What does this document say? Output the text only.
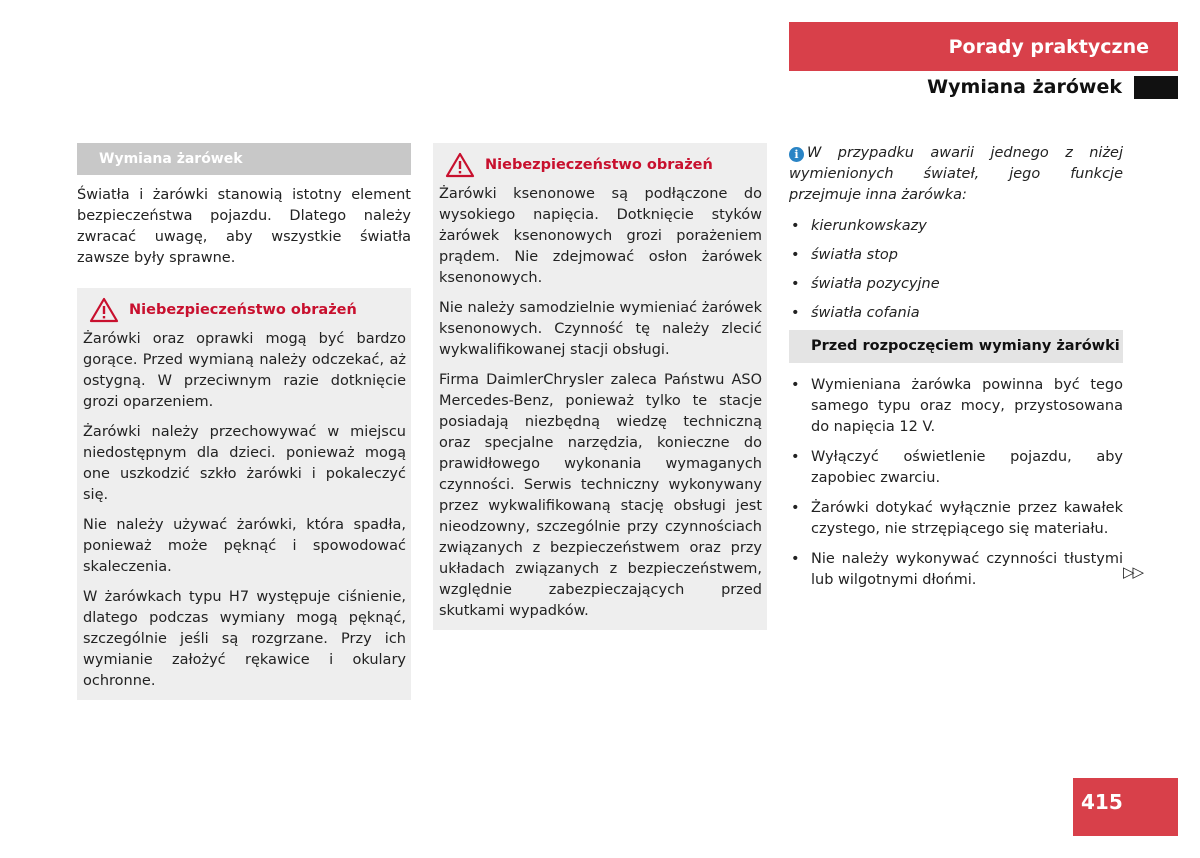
Porady praktyczne
Wymiana żarówek
Wymiana żarówek

Światła i żarówki stanowią istotny element bezpieczeństwa pojazdu. Dlatego należy zwracać uwagę, aby wszystkie światła zawsze były sprawne.

Niebezpieczeństwo obrażeń

Żarówki oraz oprawki mogą być bardzo gorące. Przed wymianą należy odczekać, aż ostygną. W przeciwnym razie dotknięcie grozi oparzeniem.

Żarówki należy przechowywać w miejscu niedostępnym dla dzieci. ponieważ mogą one uszkodzić szkło żarówki i pokaleczyć się.

Nie należy używać żarówki, która spadła, ponieważ może pęknąć i spowodować skaleczenia.

W żarówkach typu H7 występuje ciśnienie, dlatego podczas wymiany mogą pęknąć, szczególnie jeśli są rozgrzane. Przy ich wymianie założyć rękawice i okulary ochronne.

Niebezpieczeństwo obrażeń

Żarówki ksenonowe są podłączone do wysokiego napięcia. Dotknięcie styków żarówek ksenonowych grozi porażeniem prądem. Nie zdejmować osłon żarówek ksenonowych.

Nie należy samodzielnie wymieniać żarówek ksenonowych. Czynność tę należy zlecić wykwalifikowanej stacji obsługi.

Firma DaimlerChrysler zaleca Państwu ASO Mercedes-Benz, ponieważ tylko te stacje posiadają niezbędną wiedzę techniczną oraz specjalne narzędzia, konieczne do prawidłowego wykonania wymaganych czynności. Serwis techniczny wykonywany przez wykwalifikowaną stację obsługi jest nieodzowny, szczególnie przy czynnościach związanych z bezpieczeństwem oraz przy układach związanych z bezpieczeństwem, względnie zabezpieczających przed skutkami wypadków.

i W przypadku awarii jednego z niżej wymienionych świateł, jego funkcje przejmuje inna żarówka:

• kierunkowskazy
• światła stop
• światła pozycyjne
• światła cofania
Przed rozpoczęciem wymiany żarówki
• Wymieniana żarówka powinna być tego samego typu oraz mocy, przystosowana do napięcia 12 V.
• Wyłączyć oświetlenie pojazdu, aby zapobiec zwarciu.
• Żarówki dotykać wyłącznie przez kawałek czystego, nie strzępiącego się materiału.
• Nie należy wykonywać czynności tłustymi lub wilgotnymi dłońmi.	▷▷
415
